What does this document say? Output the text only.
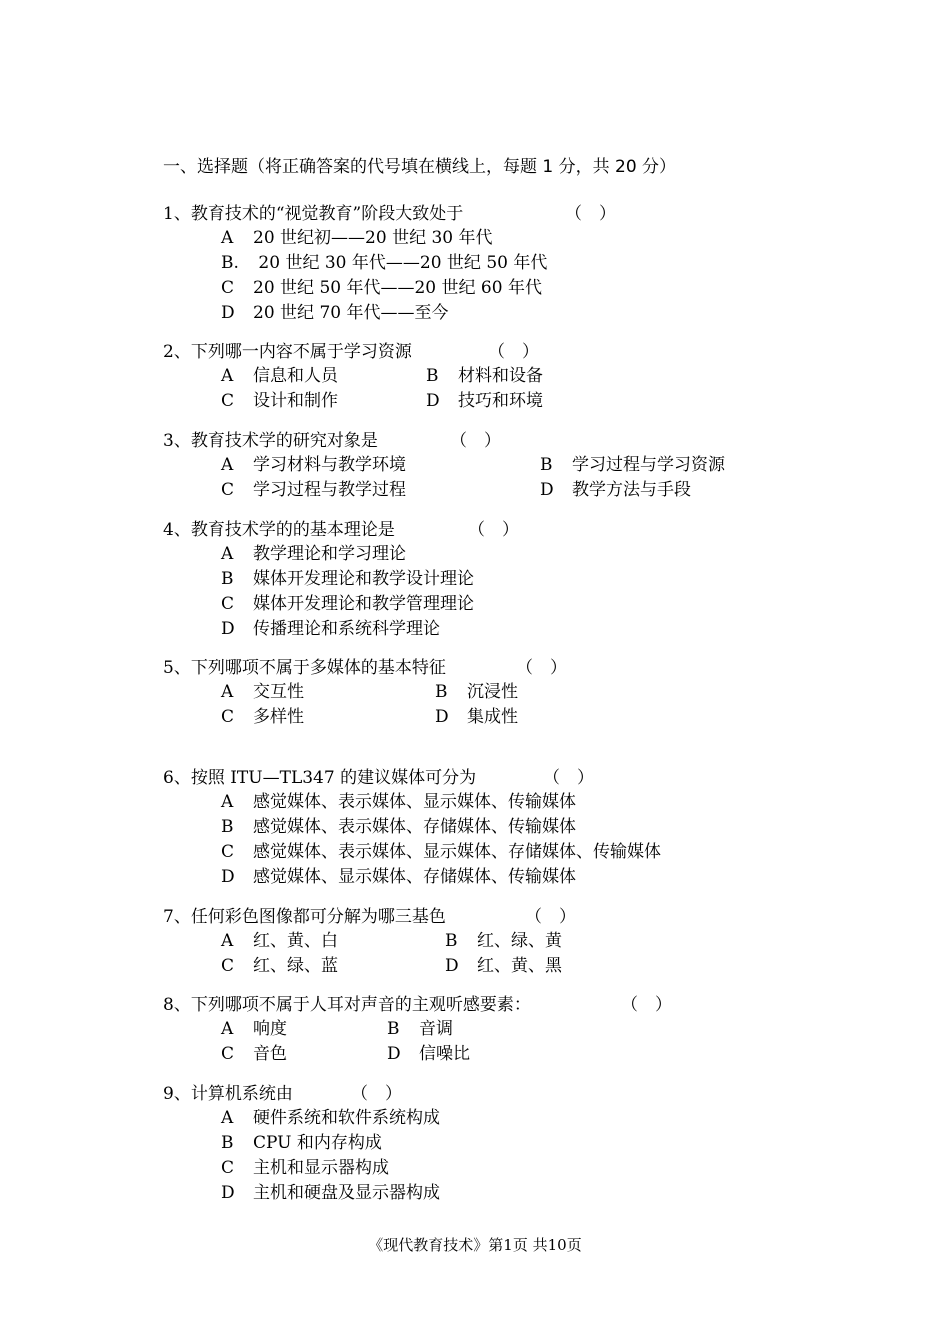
一、选择题（将正确答案的代号填在横线上，每题 1 分，共 20 分）
1、教育技术的“视觉教育”阶段大致处于	（　）
A 20 世纪初——20 世纪 30 年代
B. 20 世纪 30 年代——20 世纪 50 年代
C 20 世纪 50 年代——20 世纪 60 年代
D 20 世纪 70 年代——至今
2、下列哪一内容不属于学习资源	（　）
A 信息和人员	B 材料和设备
C 设计和制作	D 技巧和环境
3、教育技术学的研究对象是	（　）
A 学习材料与教学环境	B 学习过程与学习资源
C 学习过程与教学过程	D 教学方法与手段
4、教育技术学的的基本理论是	（　）
A 教学理论和学习理论
B 媒体开发理论和教学设计理论
C 媒体开发理论和教学管理理论
D 传播理论和系统科学理论
5、下列哪项不属于多媒体的基本特征	（　）
A 交互性	B 沉浸性
C 多样性	D 集成性
6、按照 ITU—TL347 的建议媒体可分为	（　）
A 感觉媒体、表示媒体、显示媒体、传输媒体
B 感觉媒体、表示媒体、存储媒体、传输媒体
C 感觉媒体、表示媒体、显示媒体、存储媒体、传输媒体
D 感觉媒体、显示媒体、存储媒体、传输媒体
7、任何彩色图像都可分解为哪三基色	（　）
A 红、黄、白	B 红、绿、黄
C 红、绿、蓝	D 红、黄、黑
8、下列哪项不属于人耳对声音的主观听感要素：	（　）
A 响度	B 音调
C 音色	D 信噪比
9、计算机系统由	（　）
A 硬件系统和软件系统构成
B CPU 和内存构成
C 主机和显示器构成
D 主机和硬盘及显示器构成
《现代教育技术》第1页 共10页
